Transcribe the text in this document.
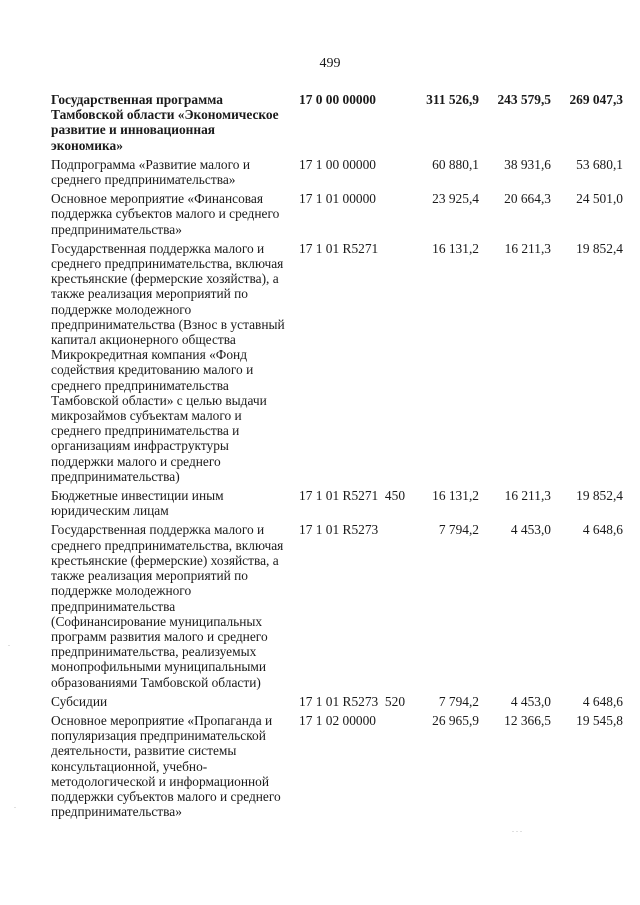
499
Государственная программа Тамбовской области «Экономическое развитие и инновационная экономика»	17 0 00 00000	311 526,9	243 579,5	269 047,3
Подпрограмма «Развитие малого и среднего предпринимательства»	17 1 00 00000	60 880,1	38 931,6	53 680,1
Основное мероприятие «Финансовая поддержка субъектов малого и среднего предпринимательства»	17 1 01 00000	23 925,4	20 664,3	24 501,0
Государственная поддержка малого и среднего предпринимательства, включая крестьянские (фермерские хозяйства), а также реализация мероприятий по поддержке молодежного предпринимательства (Взнос в уставный капитал акционерного общества Микрокредитная компания «Фонд содействия кредитованию малого и среднего предпринимательства Тамбовской области» с целью выдачи микрозаймов субъектам малого и среднего предпринимательства и организациям инфраструктуры поддержки малого и среднего предпринимательства)	17 1 01 R5271	16 131,2	16 211,3	19 852,4
Бюджетные инвестиции иным юридическим лицам	17 1 01 R5271  450	16 131,2	16 211,3	19 852,4
Государственная поддержка малого и среднего предпринимательства, включая крестьянские (фермерские) хозяйства, а также реализация мероприятий по поддержке молодежного предпринимательства (Софинансирование муниципальных программ развития малого и среднего предпринимательства, реализуемых монопрофильными муниципальными образованиями Тамбовской области)	17 1 01 R5273	7 794,2	4 453,0	4 648,6
Субсидии	17 1 01 R5273  520	7 794,2	4 453,0	4 648,6
Основное мероприятие «Пропаганда и популяризация предпринимательской деятельности, развитие системы консультационной, учебно-методологической и информационной поддержки субъектов малого и среднего предпринимательства»	17 1 02 00000	26 965,9	12 366,5	19 545,8
.
.
. . .
